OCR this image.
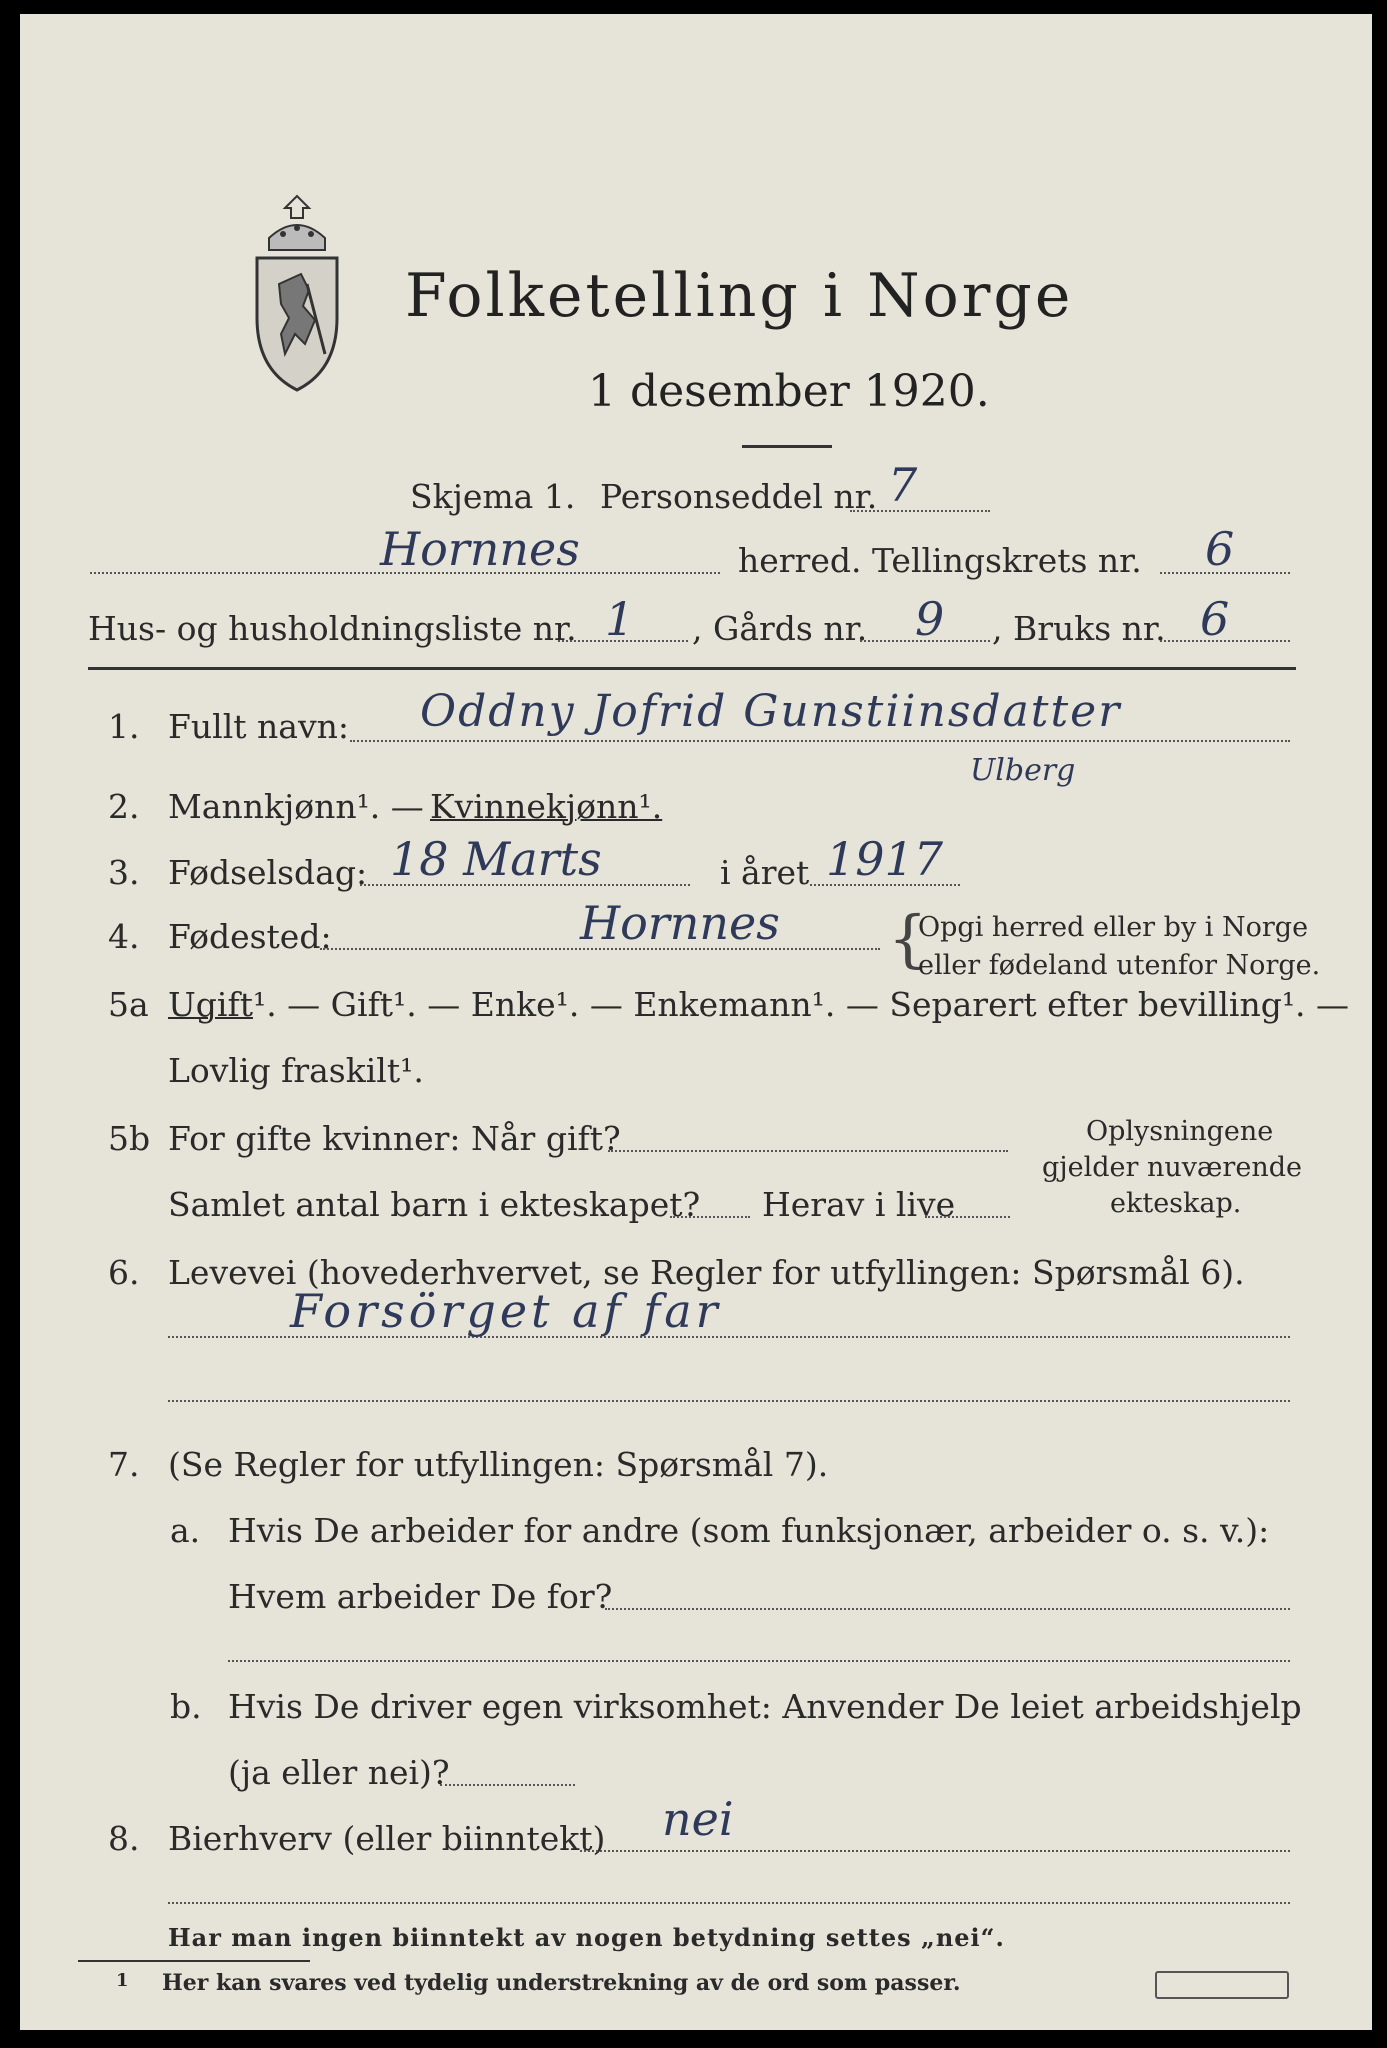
Folketelling i Norge
1 desember 1920.
Skjema 1. Personseddel nr. 7
Hornnes	herred. Tellingskrets nr. 6
Hus- og husholdningsliste nr. 1 , Gårds nr. 9 , Bruks nr. 6
1. Fullt navn: Oddny Jofrid Gunstiinsdatter
Ulberg
2. Mannkjønn¹. — Kvinnekjønn¹.
3. Fødselsdag: 18 Marts	i året 1917
4. Fødested:	Hornnes {
Opgi herred eller by i Norge
eller fødeland utenfor Norge.
5a Ugift¹. — Gift¹. — Enke¹. — Enkemann¹. — Separert efter bevilling¹. —
Lovlig fraskilt¹.
5b For gifte kvinner: Når gift?
Samlet antal barn i ekteskapet? Herav i live
Oplysningene
gjelder nuværende
ekteskap.
6. Levevei (hovederhvervet, se Regler for utfyllingen: Spørsmål 6).
Forsörget af far
7. (Se Regler for utfyllingen: Spørsmål 7).
a. Hvis De arbeider for andre (som funksjonær, arbeider o. s. v.):
Hvem arbeider De for?
b. Hvis De driver egen virksomhet: Anvender De leiet arbeidshjelp
(ja eller nei)?
8. Bierhverv (eller biinntekt) nei
Har man ingen biinntekt av nogen betydning settes „nei“.
1 Her kan svares ved tydelig understrekning av de ord som passer.
